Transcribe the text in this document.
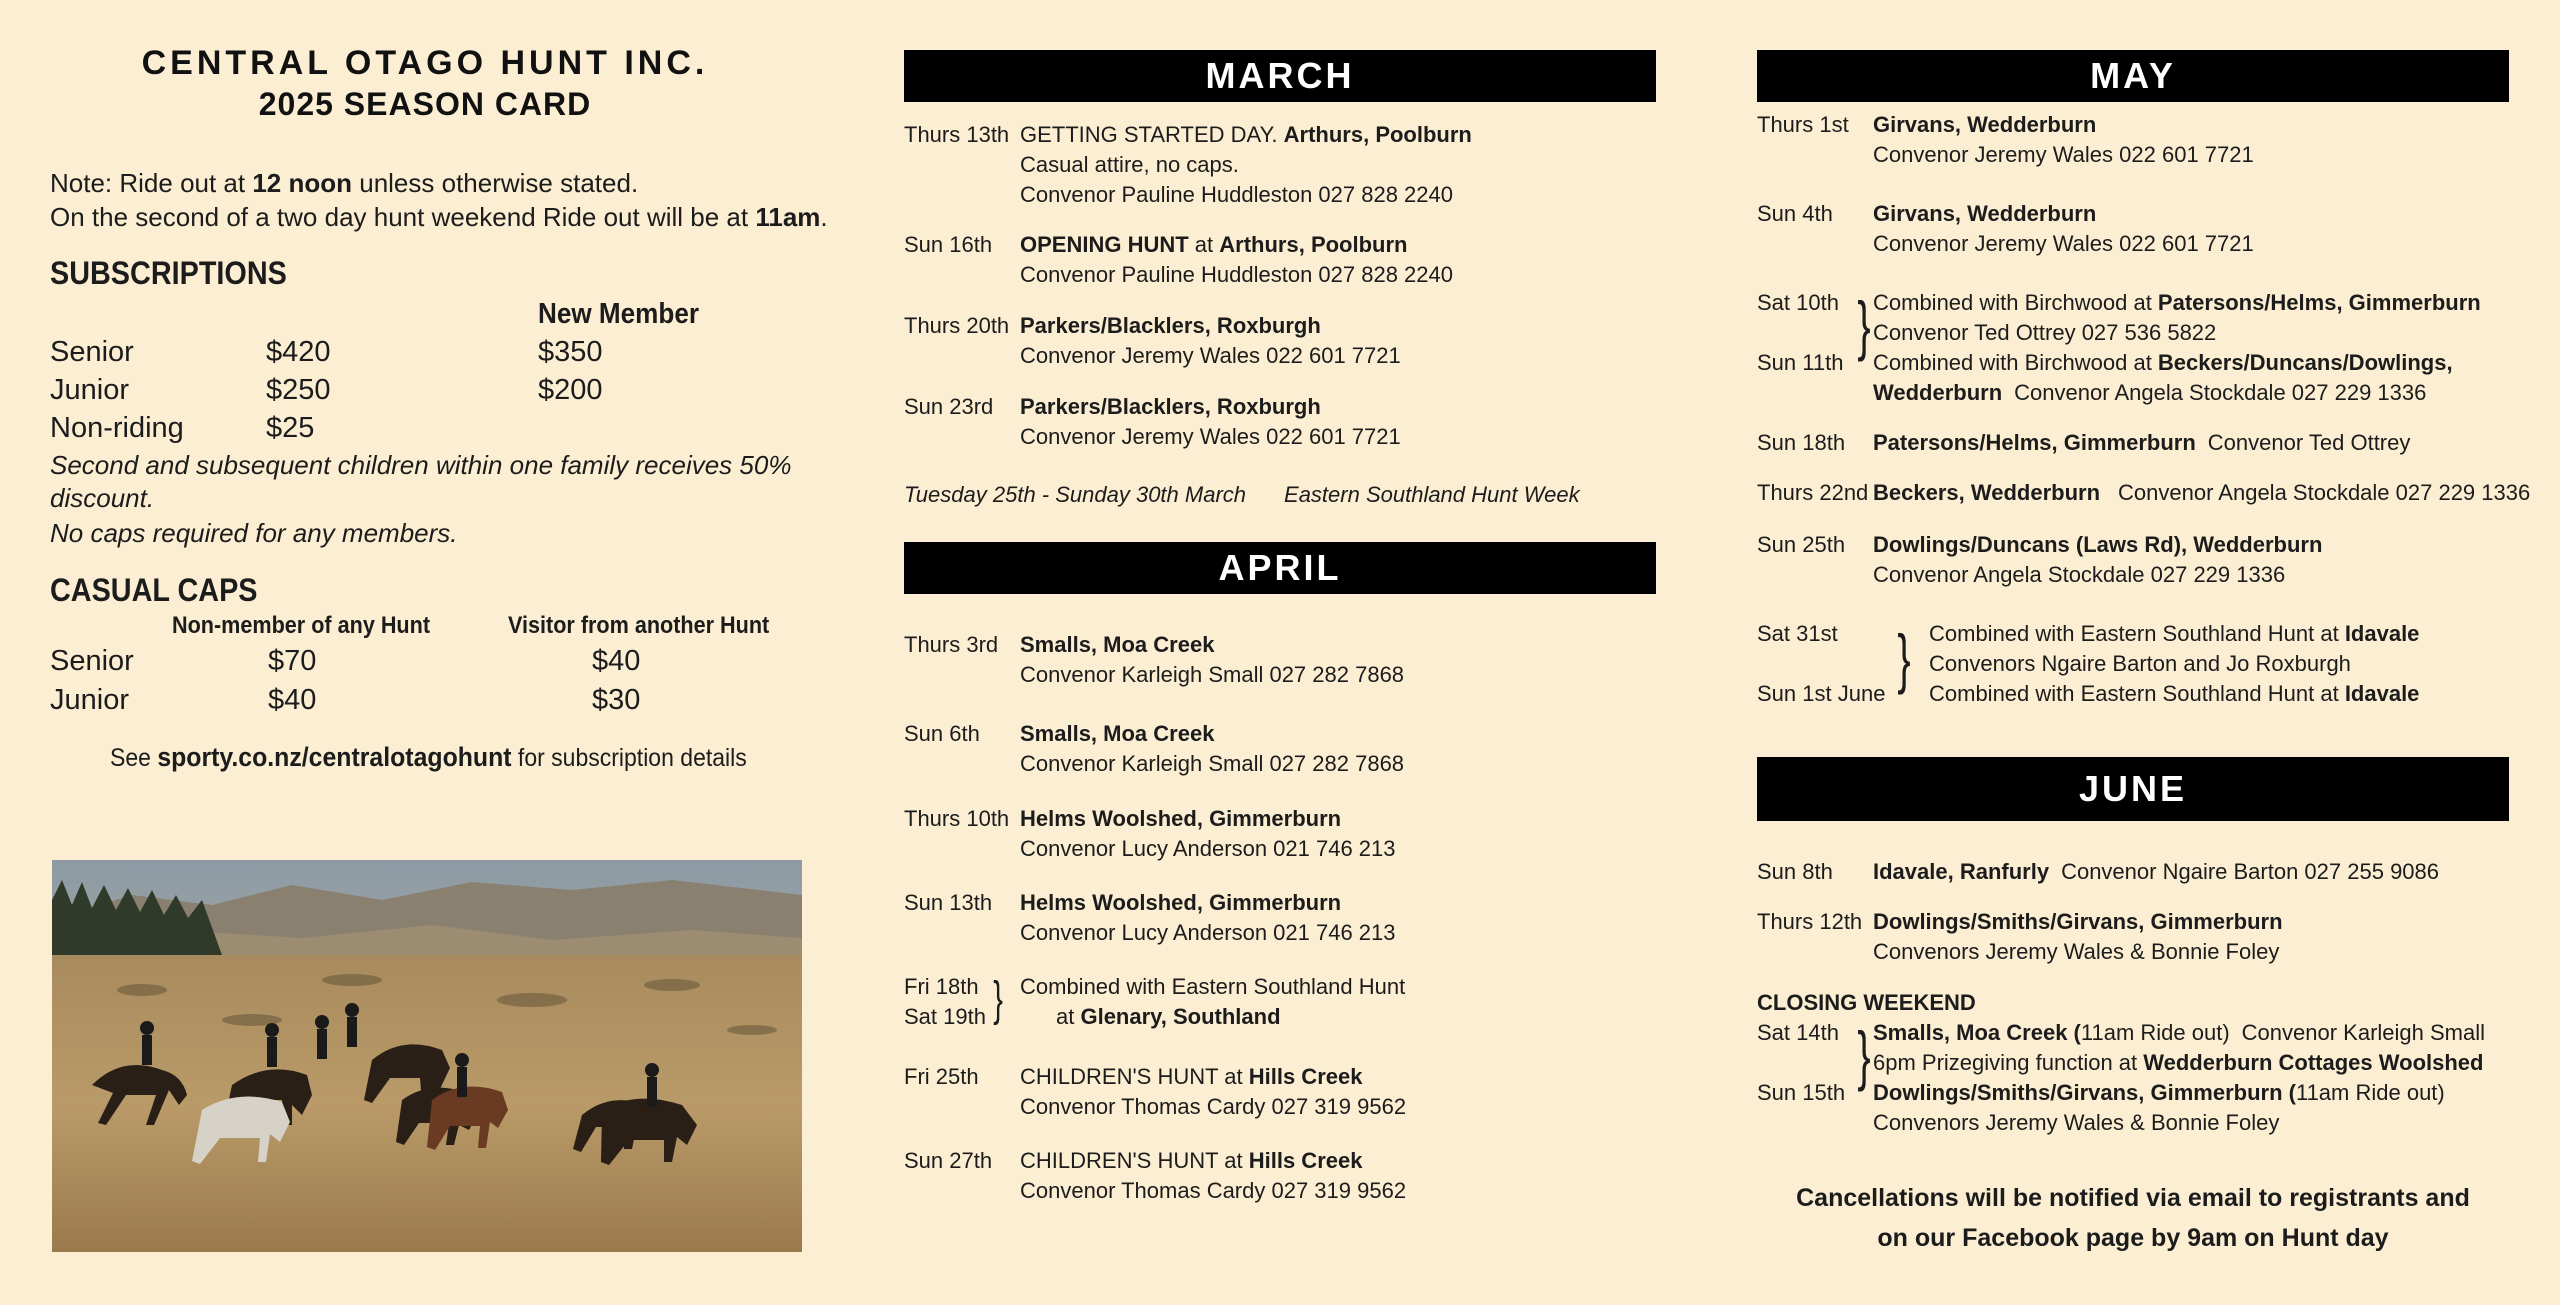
CENTRAL OTAGO HUNT INC.
2025 SEASON CARD
Note: Ride out at 12 noon unless otherwise stated.
On the second of a two day hunt weekend Ride out will be at 11am.
SUBSCRIPTIONS
New Member
Senior	$420	$350
Junior	$250	$200
Non-riding	$25
Second and subsequent children within one family receives 50%
discount.
No caps required for any members.
CASUAL CAPS
Non-member of any Hunt	Visitor from another Hunt
Senior	$70	$40
Junior	$40	$30
See sporty.co.nz/centralotagohunt for subscription details
MARCH
Thurs 13th GETTING STARTED DAY. Arthurs, Poolburn
Casual attire, no caps.
Convenor Pauline Huddleston 027 828 2240
Sun 16th OPENING HUNT at Arthurs, Poolburn
Convenor Pauline Huddleston 027 828 2240
Thurs 20th Parkers/Blacklers, Roxburgh
Convenor Jeremy Wales 022 601 7721
Sun 23rd Parkers/Blacklers, Roxburgh
Convenor Jeremy Wales 022 601 7721
Tuesday 25th - Sunday 30th March Eastern Southland Hunt Week
APRIL
Thurs 3rd Smalls, Moa Creek
Convenor Karleigh Small 027 282 7868
Sun 6th Smalls, Moa Creek
Convenor Karleigh Small 027 282 7868
Thurs 10th Helms Woolshed, Gimmerburn
Convenor Lucy Anderson 021 746 213
Sun 13th Helms Woolshed, Gimmerburn
Convenor Lucy Anderson 021 746 213
Fri 18th
Sat 19th } Combined with Eastern Southland Hunt
at Glenary, Southland
Fri 25th CHILDREN'S HUNT at Hills Creek
Convenor Thomas Cardy 027 319 9562
Sun 27th CHILDREN'S HUNT at Hills Creek
Convenor Thomas Cardy 027 319 9562
MAY
Thurs 1st Girvans, Wedderburn
Convenor Jeremy Wales 022 601 7721
Sun 4th Girvans, Wedderburn
Convenor Jeremy Wales 022 601 7721
Sat 10th
Sun 11th
} Combined with Birchwood at Patersons/Helms, Gimmerburn
Convenor Ted Ottrey 027 536 5822
Combined with Birchwood at Beckers/Duncans/Dowlings,
Wedderburn Convenor Angela Stockdale 027 229 1336
Sun 18th Patersons/Helms, Gimmerburn Convenor Ted Ottrey
Thurs 22nd Beckers, Wedderburn Convenor Angela Stockdale 027 229 1336
Sun 25th Dowlings/Duncans (Laws Rd), Wedderburn
Convenor Angela Stockdale 027 229 1336
Sat 31st
Sun 1st June } Combined with Eastern Southland Hunt at Idavale
Convenors Ngaire Barton and Jo Roxburgh
Combined with Eastern Southland Hunt at Idavale
JUNE
Sun 8th Idavale, Ranfurly Convenor Ngaire Barton 027 255 9086
Thurs 12th Dowlings/Smiths/Girvans, Gimmerburn
Convenors Jeremy Wales & Bonnie Foley
CLOSING WEEKEND
Sat 14th
Sun 15th
} Smalls, Moa Creek (11am Ride out) Convenor Karleigh Small
6pm Prizegiving function at Wedderburn Cottages Woolshed
Dowlings/Smiths/Girvans, Gimmerburn (11am Ride out)
Convenors Jeremy Wales & Bonnie Foley
Cancellations will be notified via email to registrants and
on our Facebook page by 9am on Hunt day
